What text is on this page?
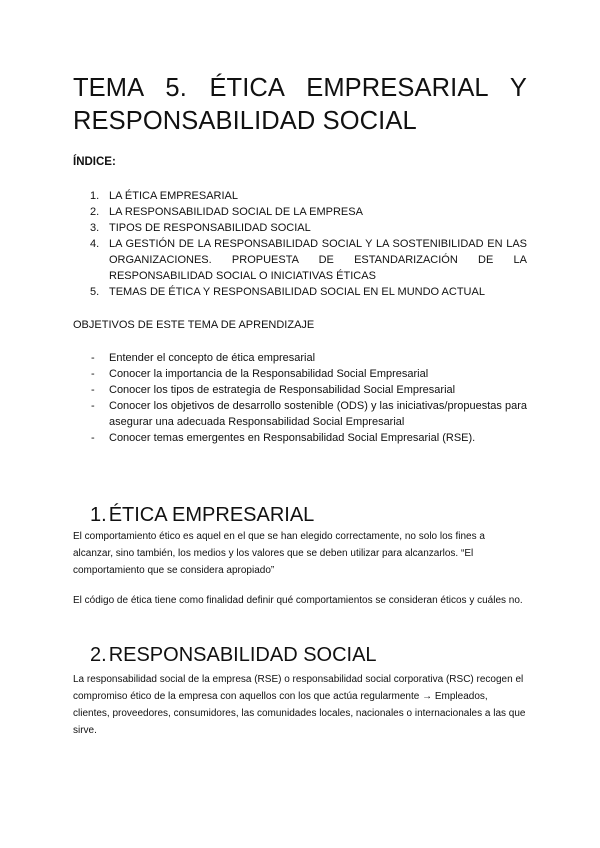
TEMA 5. ÉTICA EMPRESARIAL Y RESPONSABILIDAD SOCIAL

ÍNDICE:

1. LA ÉTICA EMPRESARIAL
2. LA RESPONSABILIDAD SOCIAL DE LA EMPRESA
3. TIPOS DE RESPONSABILIDAD SOCIAL
4. LA GESTIÓN DE LA RESPONSABILIDAD SOCIAL Y LA SOSTENIBILIDAD EN LAS ORGANIZACIONES. PROPUESTA DE ESTANDARIZACIÓN DE LA RESPONSABILIDAD SOCIAL O INICIATIVAS ÉTICAS
5. TEMAS DE ÉTICA Y RESPONSABILIDAD SOCIAL EN EL MUNDO ACTUAL

OBJETIVOS DE ESTE TEMA DE APRENDIZAJE

- Entender el concepto de ética empresarial
- Conocer la importancia de la Responsabilidad Social Empresarial
- Conocer los tipos de estrategia de Responsabilidad Social Empresarial
- Conocer los objetivos de desarrollo sostenible (ODS) y las iniciativas/propuestas para asegurar una adecuada Responsabilidad Social Empresarial
- Conocer temas emergentes en Responsabilidad Social Empresarial (RSE).
1. ÉTICA EMPRESARIAL

El comportamiento ético es aquel en el que se han elegido correctamente, no solo los fines a alcanzar, sino también, los medios y los valores que se deben utilizar para alcanzarlos. “El comportamiento que se considera apropiado”

El código de ética tiene como finalidad definir qué comportamientos se consideran éticos y cuáles no.

2. RESPONSABILIDAD SOCIAL

La responsabilidad social de la empresa (RSE) o responsabilidad social corporativa (RSC) recogen el compromiso ético de la empresa con aquellos con los que actúa regularmente → Empleados, clientes, proveedores, consumidores, las comunidades locales, nacionales o internacionales a las que sirve.
